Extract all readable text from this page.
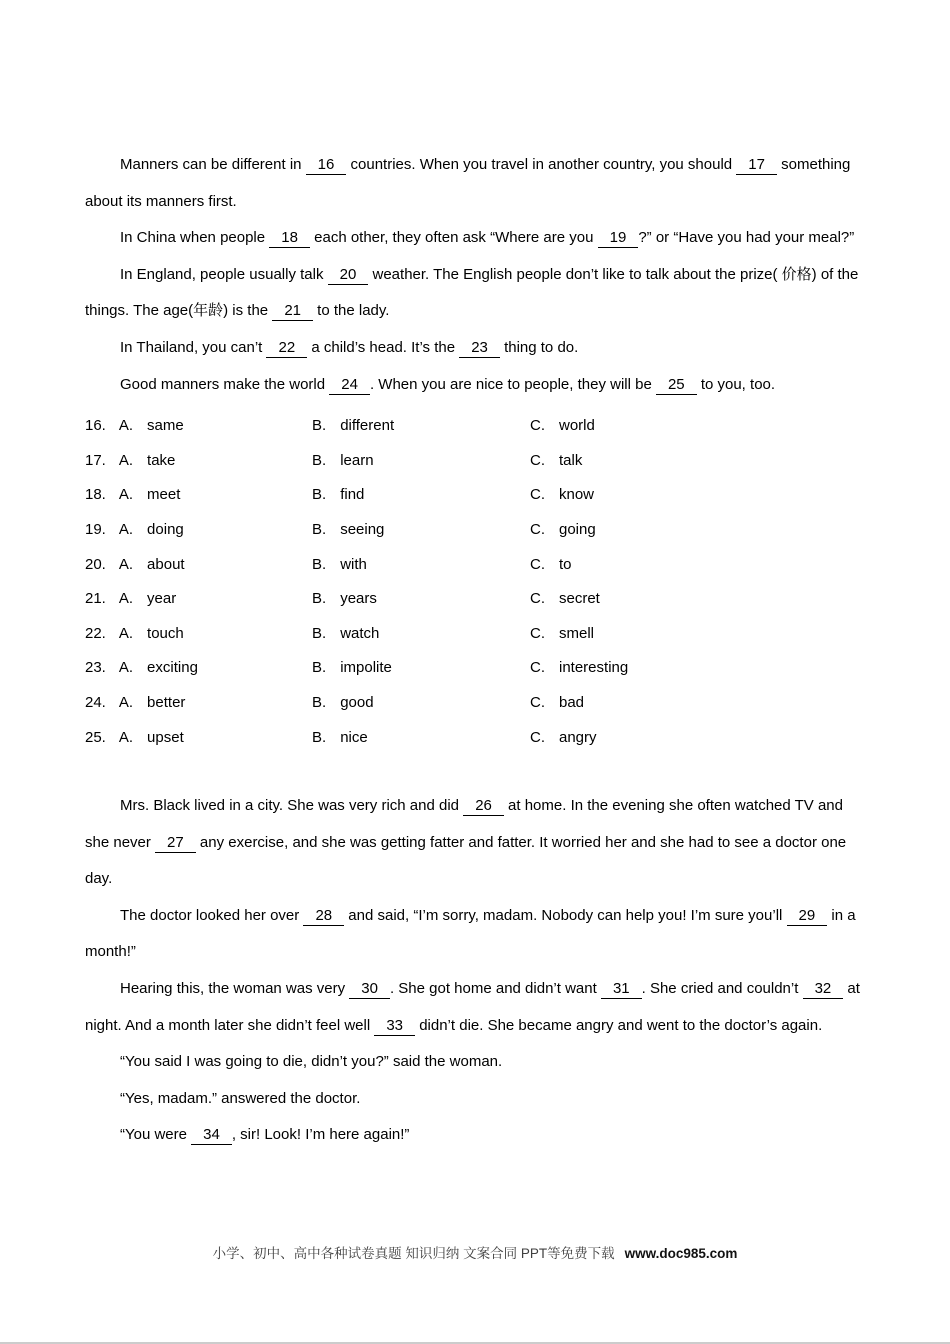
Manners can be different in 16 countries. When you travel in another country, you should 17 something about its manners first.

In China when people 18 each other, they often ask “Where are you 19 ?” or “Have you had your meal?”

In England, people usually talk 20 weather. The English people don’t like to talk about the prize( 价格) of the things. The age(年龄) is the 21 to the lady.

In Thailand, you can’t 22 a child’s head. It’s the 23 thing to do.

Good manners make the world 24 . When you are nice to people, they will be 25 to you, too.

16. A. same	B. different	C. world
17. A. take	B. learn	C. talk
18. A. meet	B. find	C. know
19. A. doing	B. seeing	C. going
20. A. about	B. with	C. to
21. A. year	B. years	C. secret
22. A. touch	B. watch	C. smell
23. A. exciting	B. impolite	C. interesting
24. A. better	B. good	C. bad
25. A. upset	B. nice	C. angry

Mrs. Black lived in a city. She was very rich and did 26 at home. In the evening she often watched TV and she never 27 any exercise, and she was getting fatter and fatter. It worried her and she had to see a doctor one day.

The doctor looked her over 28 and said, “I’m sorry, madam. Nobody can help you! I’m sure you’ll 29 in a month!”

Hearing this, the woman was very 30 . She got home and didn’t want 31 . She cried and couldn’t 32 at night. And a month later she didn’t feel well 33 didn’t die. She became angry and went to the doctor’s again.

“You said I was going to die, didn’t you?” said the woman.

“Yes, madam.” answered the doctor.

“You were 34 , sir! Look! I’m here again!”

小学、初中、高中各种试卷真题 知识归纳 文案合同 PPT等免费下载 www.doc985.com
